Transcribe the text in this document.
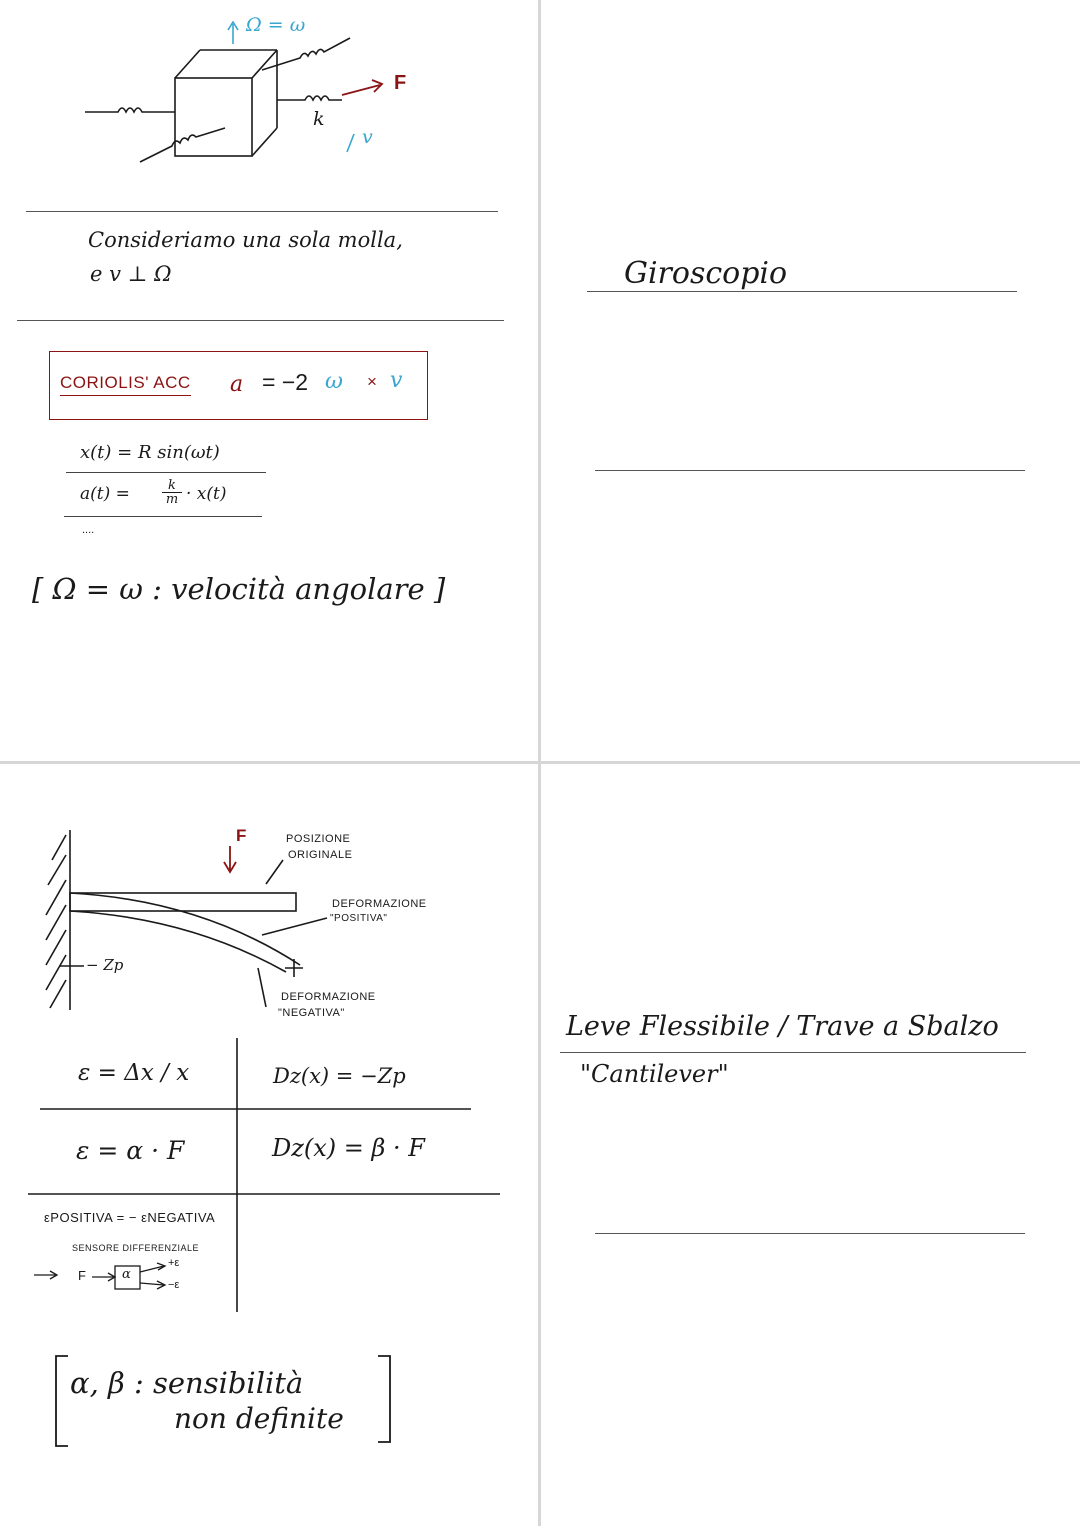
Ω = ω
F
k
v
Consideriamo una sola molla,
e v ⊥ Ω
CORIOLIS' ACC a = −2 ω × v
x(t) = R sin(ωt)
$a(t) = \frac{k}{m} \cdot x(t)$
....
[ Ω = ω : velocità angolare ]
Giroscopio
F	POSIZIONE
ORIGINALE
DEFORMAZIONE
"POSITIVA"
DEFORMAZIONE
"NEGATIVA"
− Zp
ε = Δx / x	Dz(x) = −Zp
ε = α · F	Dz(x) = β · F
εPOSITIVA = − εNEGATIVA
SENSORE DIFFERENZIALE
F	α
+ε
−ε
α, β : sensibilità
non definite
Leve Flessibile / Trave a Sbalzo
"Cantilever"
